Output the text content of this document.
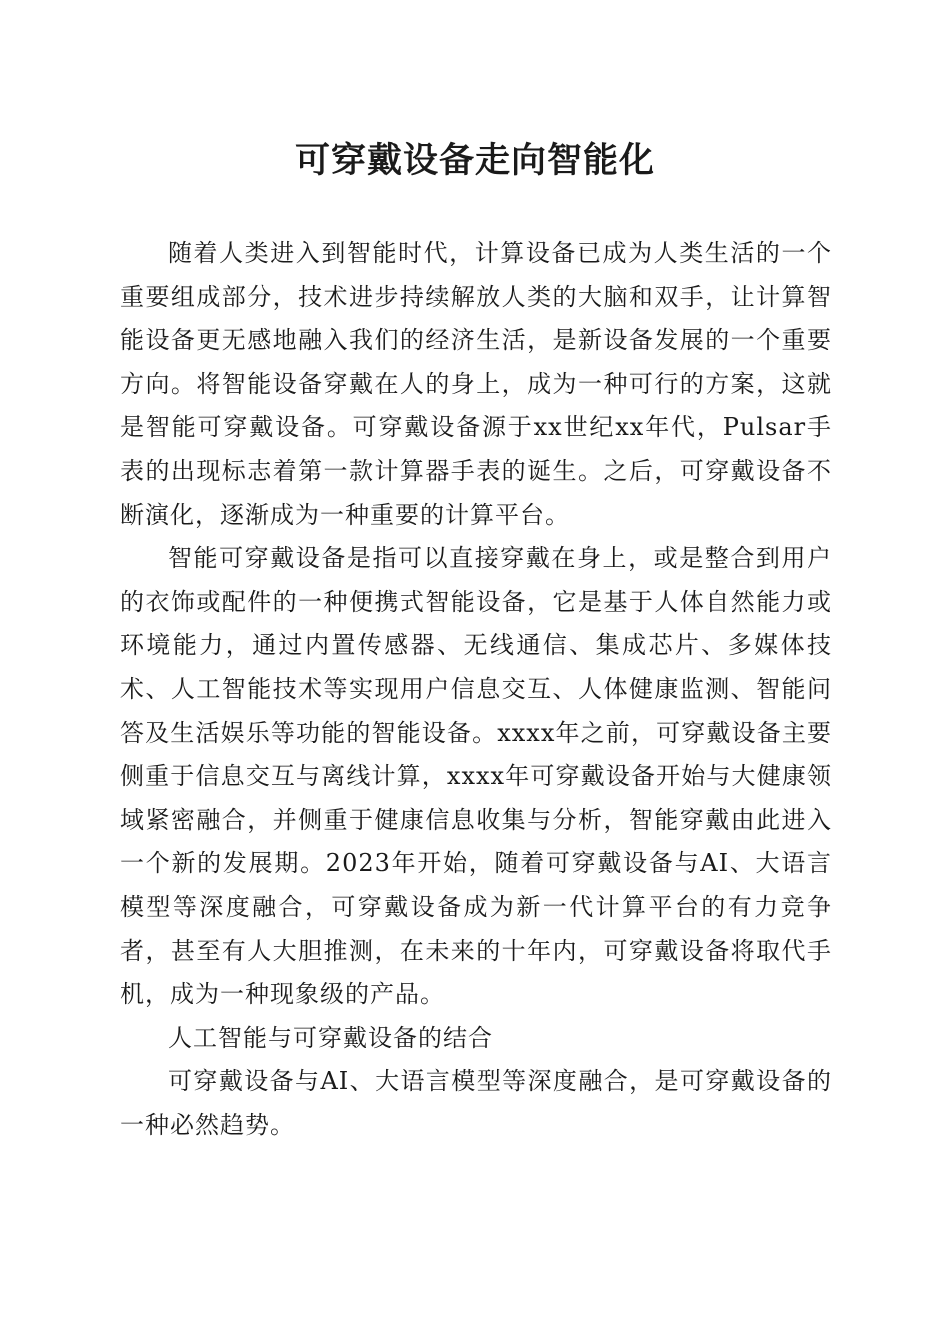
可穿戴设备走向智能化

随着人类进入到智能时代，计算设备已成为人类生活的一个重要组成部分，技术进步持续解放人类的大脑和双手，让计算智能设备更无感地融入我们的经济生活，是新设备发展的一个重要方向。将智能设备穿戴在人的身上，成为一种可行的方案，这就是智能可穿戴设备。可穿戴设备源于xx世纪xx年代，Pulsar手表的出现标志着第一款计算器手表的诞生。之后，可穿戴设备不断演化，逐渐成为一种重要的计算平台。

智能可穿戴设备是指可以直接穿戴在身上，或是整合到用户的衣饰或配件的一种便携式智能设备，它是基于人体自然能力或环境能力，通过内置传感器、无线通信、集成芯片、多媒体技术、人工智能技术等实现用户信息交互、人体健康监测、智能问答及生活娱乐等功能的智能设备。xxxx年之前，可穿戴设备主要侧重于信息交互与离线计算，xxxx年可穿戴设备开始与大健康领域紧密融合，并侧重于健康信息收集与分析，智能穿戴由此进入一个新的发展期。2023年开始，随着可穿戴设备与AI、大语言模型等深度融合，可穿戴设备成为新一代计算平台的有力竞争者，甚至有人大胆推测，在未来的十年内，可穿戴设备将取代手机，成为一种现象级的产品。

人工智能与可穿戴设备的结合

可穿戴设备与AI、大语言模型等深度融合，是可穿戴设备的一种必然趋势。
